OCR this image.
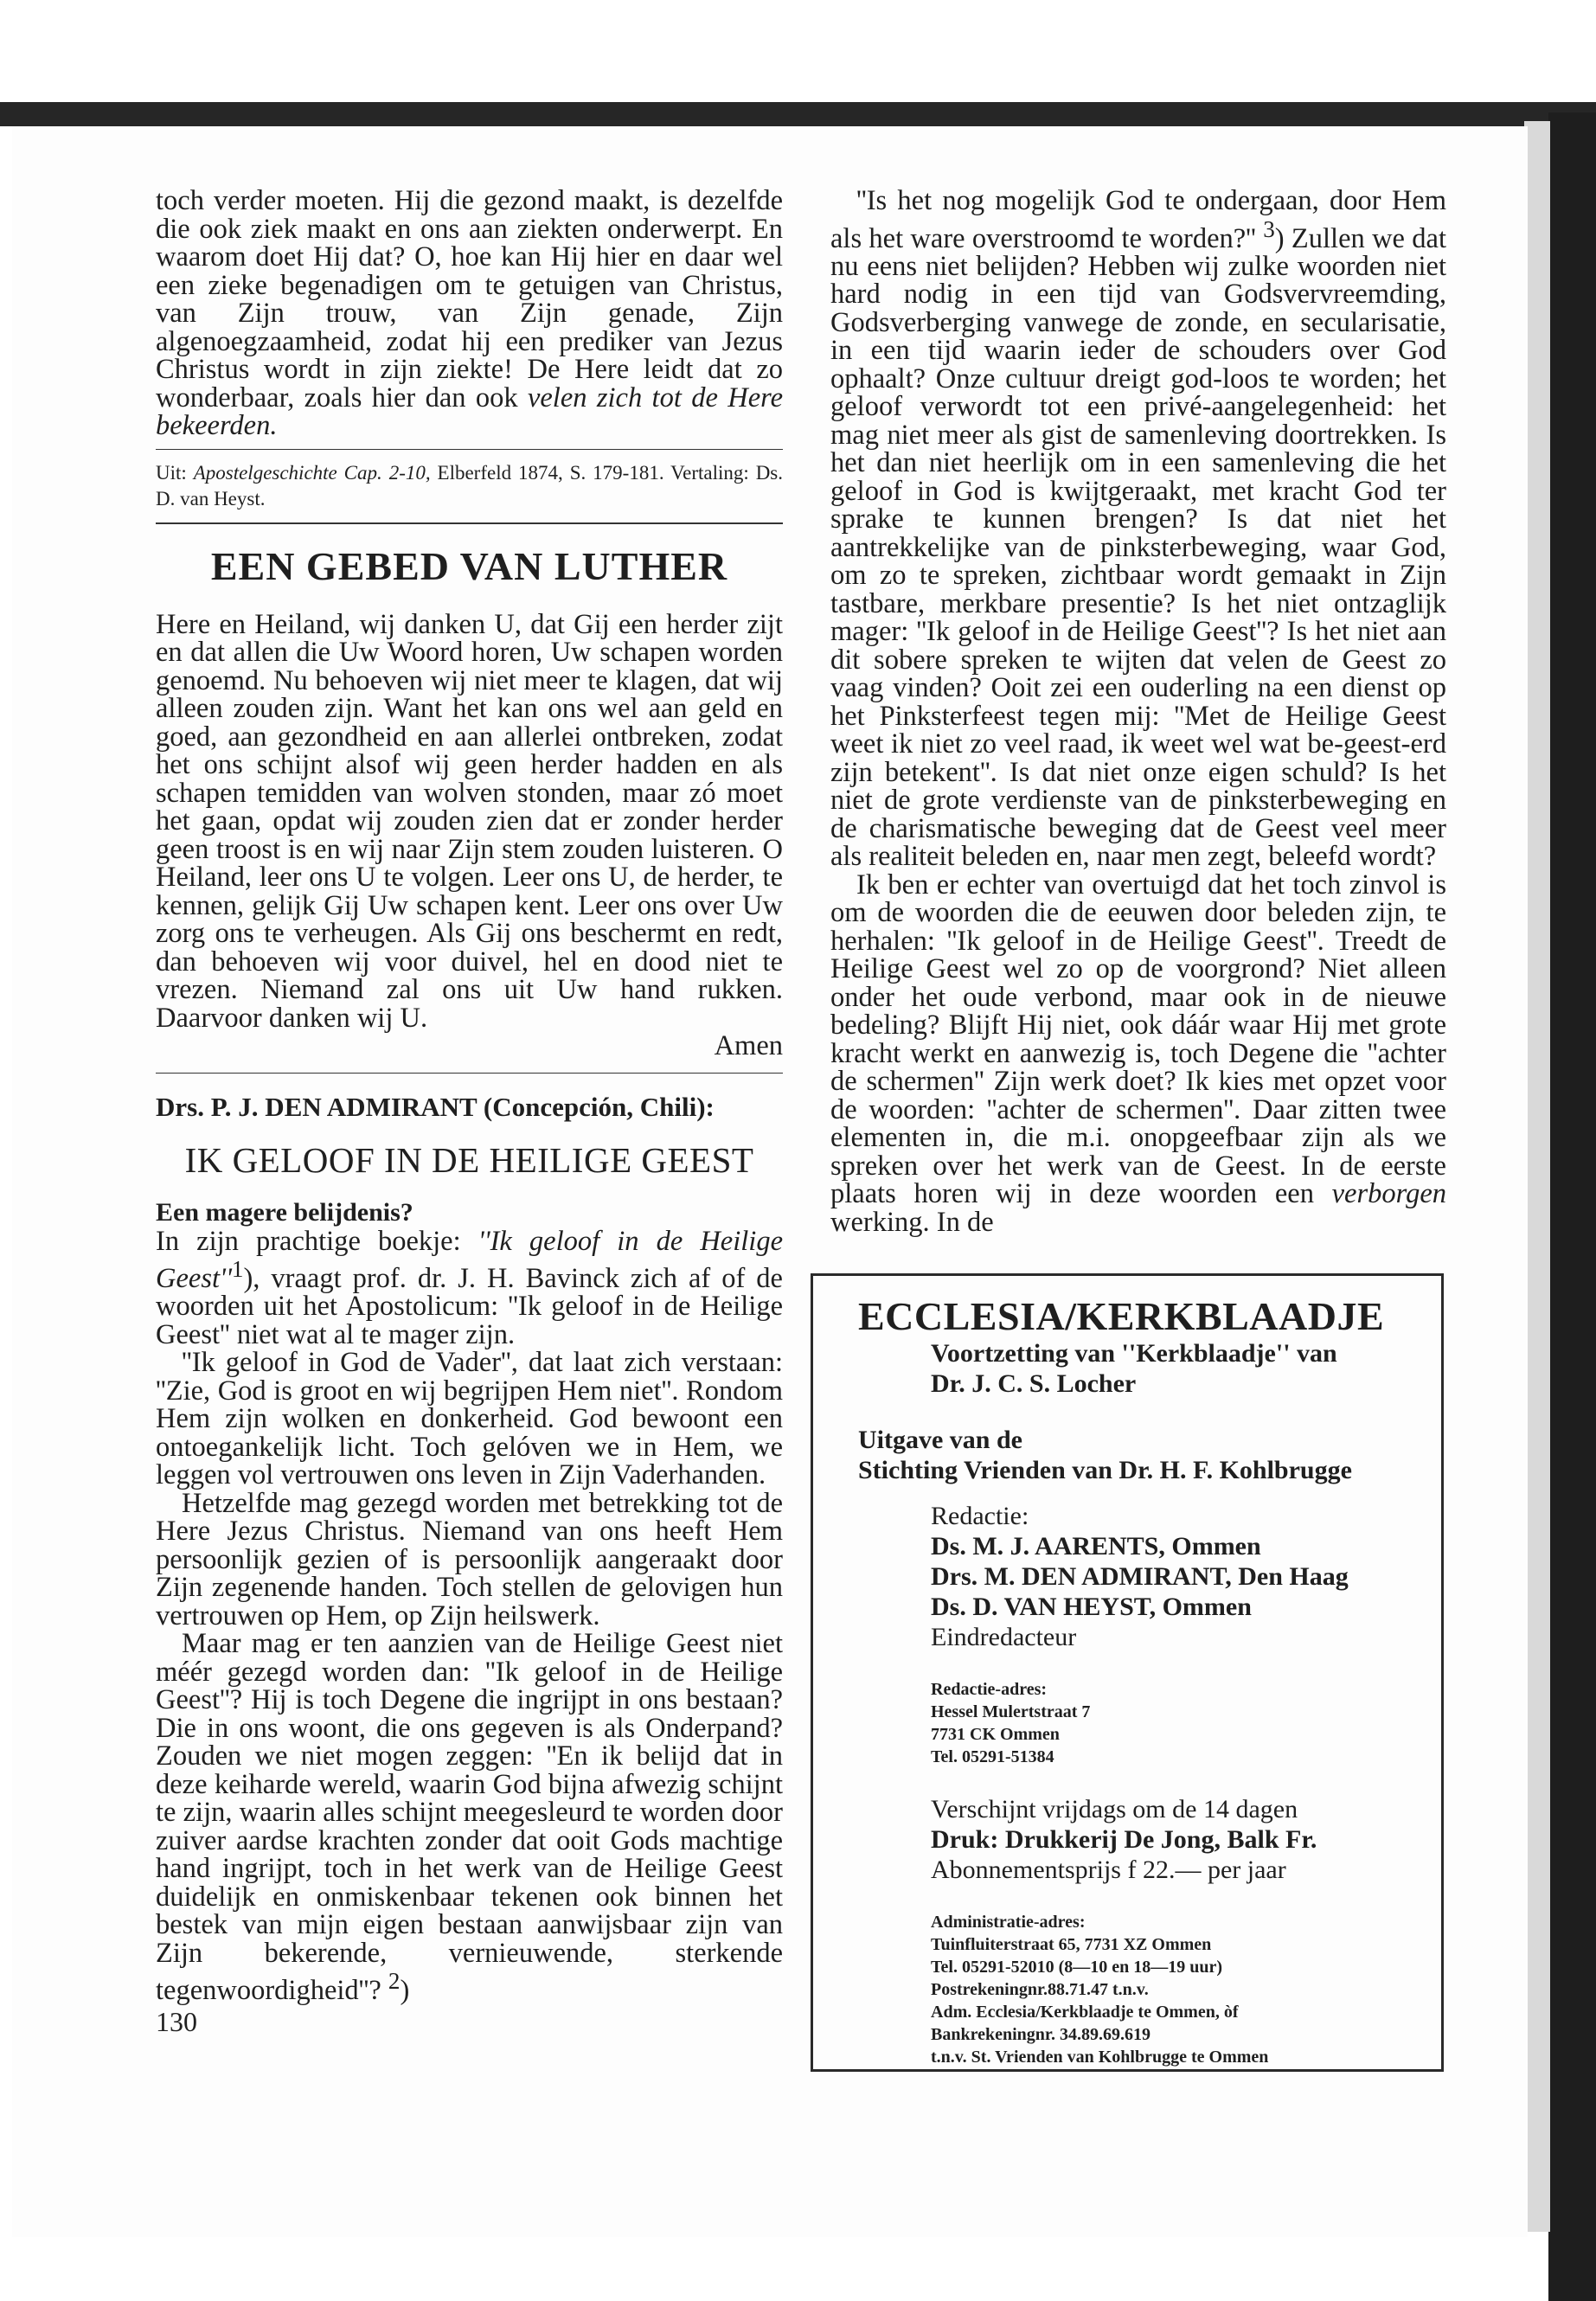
toch verder moeten. Hij die gezond maakt, is dezelfde die ook ziek maakt en ons aan ziekten onderwerpt. En waarom doet Hij dat? O, hoe kan Hij hier en daar wel een zieke begenadigen om te getuigen van Christus, van Zijn trouw, van Zijn genade, Zijn algenoegzaamheid, zodat hij een prediker van Jezus Christus wordt in zijn ziekte! De Here leidt dat zo wonderbaar, zoals hier dan ook velen zich tot de Here bekeerden.

Uit: Apostelgeschichte Cap. 2-10, Elberfeld 1874, S. 179-181. Vertaling: Ds. D. van Heyst.

EEN GEBED VAN LUTHER

Here en Heiland, wij danken U, dat Gij een herder zijt en dat allen die Uw Woord horen, Uw schapen worden genoemd. Nu behoeven wij niet meer te klagen, dat wij alleen zouden zijn. Want het kan ons wel aan geld en goed, aan gezondheid en aan allerlei ontbreken, zodat het ons schijnt alsof wij geen herder hadden en als schapen temidden van wolven stonden, maar zó moet het gaan, opdat wij zouden zien dat er zonder herder geen troost is en wij naar Zijn stem zouden luisteren. O Heiland, leer ons U te volgen. Leer ons U, de herder, te kennen, gelijk Gij Uw schapen kent. Leer ons over Uw zorg ons te verheugen. Als Gij ons beschermt en redt, dan behoeven wij voor duivel, hel en dood niet te vrezen. Niemand zal ons uit Uw hand rukken. Daarvoor danken wij U.

Amen

Drs. P. J. DEN ADMIRANT (Concepción, Chili):

IK GELOOF IN DE HEILIGE GEEST

Een magere belijdenis?

In zijn prachtige boekje: ''Ik geloof in de Heilige $Geest''^1$), vraagt prof. dr. J. H. Bavinck zich af of de woorden uit het Apostolicum: ''Ik geloof in de Heilige Geest'' niet wat al te mager zijn.

''Ik geloof in God de Vader'', dat laat zich verstaan: ''Zie, God is groot en wij begrijpen Hem niet''. Rondom Hem zijn wolken en donkerheid. God bewoont een ontoegankelijk licht. Toch gelóven we in Hem, we leggen vol vertrouwen ons leven in Zijn Vaderhanden.

Hetzelfde mag gezegd worden met betrekking tot de Here Jezus Christus. Niemand van ons heeft Hem persoonlijk gezien of is persoonlijk aangeraakt door Zijn zegenende handen. Toch stellen de gelovigen hun vertrouwen op Hem, op Zijn heilswerk.

Maar mag er ten aanzien van de Heilige Geest niet méér gezegd worden dan: ''Ik geloof in de Heilige Geest''? Hij is toch Degene die ingrijpt in ons bestaan? Die in ons woont, die ons gegeven is als Onderpand? Zouden we niet mogen zeggen: ''En ik belijd dat in deze keiharde wereld, waarin God bijna afwezig schijnt te zijn, waarin alles schijnt meegesleurd te worden door zuiver aardse krachten zonder dat ooit Gods machtige hand ingrijpt, toch in het werk van de Heilige Geest duidelijk en onmiskenbaar tekenen ook binnen het bestek van mijn eigen bestaan aanwijsbaar zijn van Zijn bekerende, vernieuwende, sterkende tegenwoordigheid''? $^2$)

130

''Is het nog mogelijk God te ondergaan, door Hem als het ware overstroomd te worden?'' $^3$) Zullen we dat nu eens niet belijden? Hebben wij zulke woorden niet hard nodig in een tijd van Godsvervreemding, Godsverberging vanwege de zonde, en secularisatie, in een tijd waarin ieder de schouders over God ophaalt? Onze cultuur dreigt god-loos te worden; het geloof verwordt tot een privé-aangelegenheid: het mag niet meer als gist de samenleving doortrekken. Is het dan niet heerlijk om in een samenleving die het geloof in God is kwijtgeraakt, met kracht God ter sprake te kunnen brengen? Is dat niet het aantrekkelijke van de pinksterbeweging, waar God, om zo te spreken, zichtbaar wordt gemaakt in Zijn tastbare, merkbare presentie? Is het niet ontzaglijk mager: ''Ik geloof in de Heilige Geest''? Is het niet aan dit sobere spreken te wijten dat velen de Geest zo vaag vinden? Ooit zei een ouderling na een dienst op het Pinksterfeest tegen mij: ''Met de Heilige Geest weet ik niet zo veel raad, ik weet wel wat be-geest-erd zijn betekent''. Is dat niet onze eigen schuld? Is het niet de grote verdienste van de pinksterbeweging en de charismatische beweging dat de Geest veel meer als realiteit beleden en, naar men zegt, beleefd wordt?

Ik ben er echter van overtuigd dat het toch zinvol is om de woorden die de eeuwen door beleden zijn, te herhalen: ''Ik geloof in de Heilige Geest''. Treedt de Heilige Geest wel zo op de voorgrond? Niet alleen onder het oude verbond, maar ook in de nieuwe bedeling? Blijft Hij niet, ook dáár waar Hij met grote kracht werkt en aanwezig is, toch Degene die ''achter de schermen'' Zijn werk doet? Ik kies met opzet voor de woorden: ''achter de schermen''. Daar zitten twee elementen in, die m.i. onopgeefbaar zijn als we spreken over het werk van de Geest. In de eerste plaats horen wij in deze woorden een verborgen werking. In de

ECCLESIA/KERKBLAADJE

Voortzetting van ''Kerkblaadje'' van

Dr. J. C. S. Locher

Uitgave van de

Stichting Vrienden van Dr. H. F. Kohlbrugge

Redactie:

Ds. M. J. AARENTS, Ommen

Drs. M. DEN ADMIRANT, Den Haag

Ds. D. VAN HEYST, Ommen

Eindredacteur

Redactie-adres:

Hessel Mulertstraat 7

7731 CK Ommen

Tel. 05291-51384

Verschijnt vrijdags om de 14 dagen

Druk: Drukkerij De Jong, Balk Fr.

Abonnementsprijs f 22.— per jaar

Administratie-adres:

Tuinfluiterstraat 65, 7731 XZ Ommen

Tel. 05291-52010 (8—10 en 18—19 uur)

Postrekeningnr.88.71.47 t.n.v.

Adm. Ecclesia/Kerkblaadje te Ommen, òf

Bankrekeningnr. 34.89.69.619

t.n.v. St. Vrienden van Kohlbrugge te Ommen
